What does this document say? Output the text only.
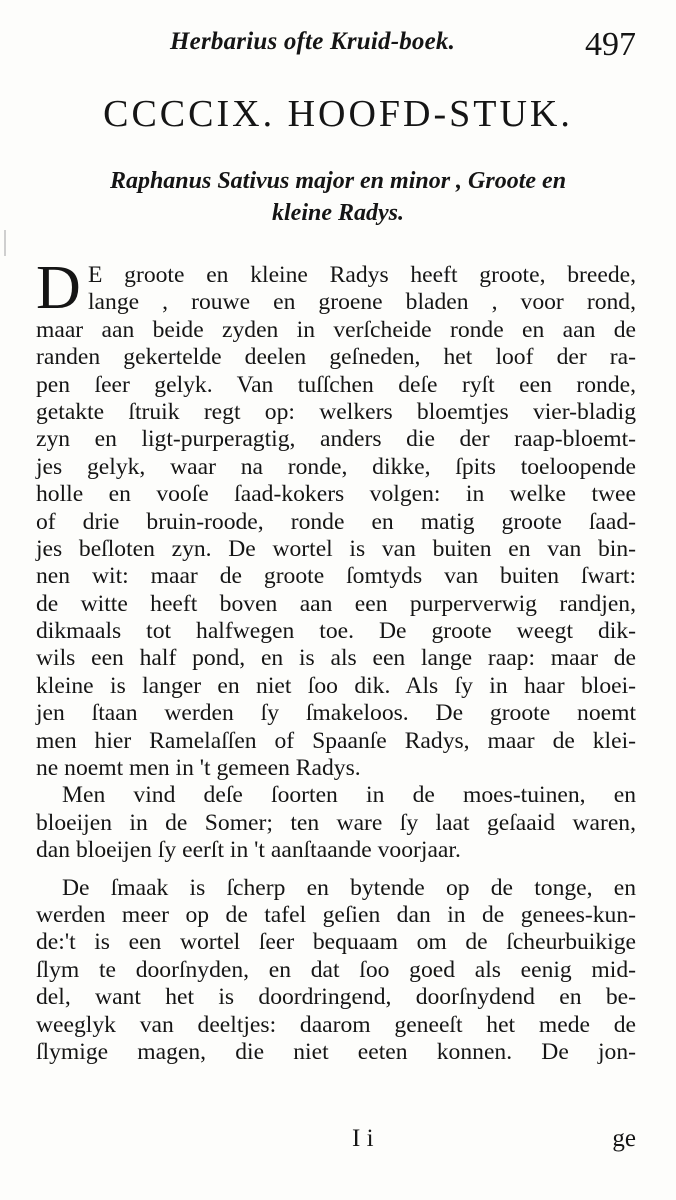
Herbarius ofte Kruid-boek.	497
CCCCIX. HOOFD-STUK.
Raphanus Sativus major en minor , Groote en
kleine Radys.
D E groote en kleine Radys heeft groote, breede,
lange , rouwe en groene bladen , voor rond,
maar aan beide zyden in verſcheide ronde en aan de
randen gekertelde deelen geſneden, het loof der ra-
pen ſeer gelyk. Van tuſſchen deſe ryſt een ronde,
getakte ſtruik regt op: welkers bloemtjes vier-bladig
zyn en ligt-purperagtig, anders die der raap-bloemt-
jes gelyk, waar na ronde, dikke, ſpits toeloopende
holle en vooſe ſaad-kokers volgen: in welke twee
of drie bruin-roode, ronde en matig groote ſaad-
jes beſloten zyn. De wortel is van buiten en van bin-
nen wit: maar de groote ſomtyds van buiten ſwart:
de witte heeft boven aan een purperverwig randjen,
dikmaals tot halfwegen toe. De groote weegt dik-
wils een half pond, en is als een lange raap: maar de
kleine is langer en niet ſoo dik. Als ſy in haar bloei-
jen ſtaan werden ſy ſmakeloos. De groote noemt
men hier Ramelaſſen of Spaanſe Radys, maar de klei-
ne noemt men in 't gemeen Radys.
Men vind deſe ſoorten in de moes-tuinen, en
bloeijen in de Somer; ten ware ſy laat geſaaid waren,
dan bloeijen ſy eerſt in 't aanſtaande voorjaar.
De ſmaak is ſcherp en bytende op de tonge, en
werden meer op de tafel geſien dan in de genees-kun-
de:'t is een wortel ſeer bequaam om de ſcheurbuikige
ſlym te doorſnyden, en dat ſoo goed als eenig mid-
del, want het is doordringend, doorſnydend en be-
weeglyk van deeltjes: daarom geneeſt het mede de
ſlymige magen, die niet eeten konnen. De jon-
I i	ge
